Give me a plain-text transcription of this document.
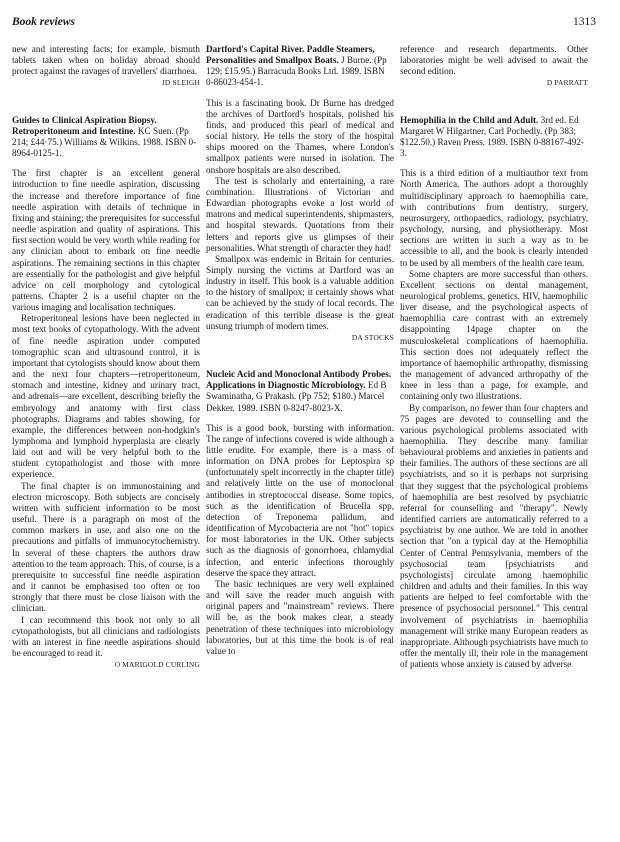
Book reviews	1313

new and interesting facts; for example, bismuth tablets taken when on holiday abroad should protect against the ravages of travellers' diarrhoea.

JD SLEIGH

Guides to Clinical Aspiration Biopsy. Retroperitoneum and Intestine. KC Suen. (Pp 214; £44·75.) Williams & Wilkins. 1988. ISBN 0-8964-0125-1.

The first chapter is an excellent general introduction to fine needle aspiration, discussing the increase and therefore importance of fine needle aspiration with details of technique in fixing and staining; the prerequisites for successful needle aspiration and quality of aspirations. This first section would be very worth while reading for any clinician about to embark on fine needle aspirations. The remaining sections in this chapter are essentially for the pathologist and give helpful advice on cell morphology and cytological patterns. Chapter 2 is a useful chapter on the various imaging and localisation techniques.

Retroperitoneal lesions have been neglected in most text books of cytopathology. With the advent of fine needle aspiration under computed tomographic scan and ultrasound control, it is important that cytologists should know about them and the next four chapters—retroperitoneum, stomach and intestine, kidney and urinary tract, and adrenals—are excellent, describing briefly the embryology and anatomy with first class photographs. Diagrams and tables showing, for example, the differences between non-hodgkin's lymphoma and lymphoid hyperplasia are clearly laid out and will be very helpful both to the student cytopathologist and those with more experience.

The final chapter is on immunostaining and electron microscopy. Both subjects are concisely written with sufficient information to be most useful. There is a paragraph on most of the common markers in use, and also one on the precautions and pitfalls of immunocytochemistry. In several of these chapters the authors draw attention to the team approach. This, of course, is a prerequisite to successful fine needle aspiration and it cannot be emphasised too often or too strongly that there must be close liaison with the clinician.

I can recommend this book not only to all cytopathologists, but all clinicians and radiologists with an interest in fine needle aspirations should be encouraged to read it.

O MARIGOLD CURLING

Dartford's Capital River. Paddle Steamers, Personalities and Smallpox Boats. J Burne. (Pp 129; £15.95.) Barracuda Books Ltd. 1989. ISBN 0-86023-454-1.

This is a fascinating book. Dr Burne has dredged the archives of Dartford's hospitals, polished his finds, and produced this pearl of medical and social history. He tells the story of the hospital ships moored on the Thames, where London's smallpox patients were nursed in isolation. The onshore hospitals are also described.

The test is scholarly and entertaining, a rare combination. Illustrations of Victorian and Edwardian photographs evoke a lost world of matrons and medical superintendents, shipmasters, and hospital stewards. Quotations from their letters and reports give us glimpses of their personalities. What strength of character they had!

Smallpox was endemic in Britain for centuries. Simply nursing the victims at Dartford was an industry in itself. This book is a valuable addition to the history of smallpox; it certainly shows what can be achieved by the study of local records. The eradication of this terrible disease is the great unsung triumph of modern times.

DA STOCKS

Nucleic Acid and Monoclonal Antibody Probes. Applications in Diagnostic Microbiology. Ed B Swaminatha, G Prakash. (Pp 752; $180.) Marcel Dekker. 1989. ISBN 0-8247-8023-X.

This is a good book, bursting with information. The range of infections covered is wide although a little erudite. For example, there is a mass of information on DNA probes for Leptospira sp (unfortunately spelt incorrectly in the chapter title) and relatively little on the use of monoclonal antibodies in streptococcal disease. Some topics, such as the identification of Brucella spp, detection of Treponema pallidum, and identification of Mycobacteria are not "hot" topics for most laboratories in the UK. Other subjects such as the diagnosis of gonorrhoea, chlamydial infection, and enteric infections thoroughly deserve the space they attract.

The basic techniques are very well explained and will save the reader much anguish with original papers and "mainstream" reviews. There will be, as the book makes clear, a steady penetration of these techniques into microbiology laboratories, but at this time the book is of real value to

reference and research departments. Other laboratories might be well advised to await the second edition.

D PARRATT

Hemophilia in the Child and Adult. 3rd ed. Ed Margaret W Hilgartner, Carl Pochedly. (Pp 383; $122.50.) Raven Press. 1989. ISBN 0-88167-492-3.

This is a third edition of a multiauthor text from North America. The authors adopt a thoroughly multidisciplinary approach to haemophilia care, with contributions from dentistry, surgery, neurosurgery, orthopaedics, radiology, psychiatry, psychology, nursing, and physiotherapy. Most sections are written in such a way as to be accessible to all, and the book is clearly intended to be used by all members of the health care team.

Some chapters are more successful than others. Excellent sections on dental management, neurological problems, genetics, HIV, haemophilic liver disease, and the psychological aspects of haemophilia care contrast with an extremely disappointing 14page chapter on the musculoskeletal complications of haemophilia. This section does not adequately reflect the importance of haemophilic arthropathy, dismissing the management of advanced arthropathy of the knee in less than a page, for example, and containing only two illustrations.

By comparison, no fewer than four chapters and 75 pages are devoted to counselling and the various psychological problems associated with haemophilia. They describe many familiar behavioural problems and anxieties in patients and their families. The authors of these sections are all psychiatrists, and so it is perhaps not surprising that they suggest that the psychological problems of haemophilia are best resolved by psychiatric referral for counselling and "therapy". Newly identified carriers are automatically referred to a psychiatrist by one author. We are told in another section that "on a typical day at the Hemophilia Center of Central Pennsylvania, members of the psychosocial team [psychiatrists and psychologists] circulate among haemophilic children and adults and their families. In this way patients are helped to feel comfortable with the presence of psychosocial personnel." This central involvement of psychiatrists in haemophilia management will strike many European readers as inappropriate. Although psychiatrists have much to offer the mentally ill, their role in the management of patients whose anxiety is caused by adverse
